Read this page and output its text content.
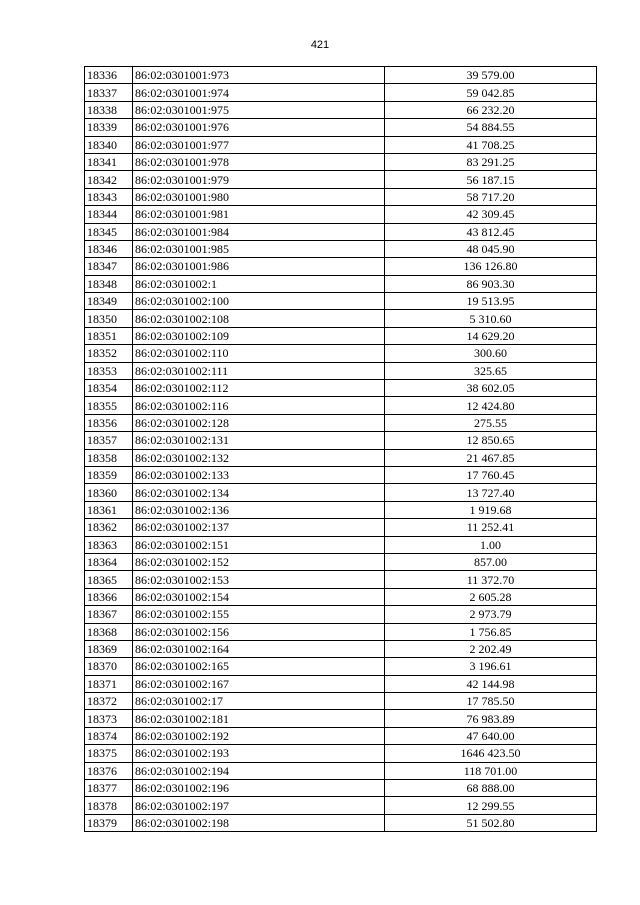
421
18336	86:02:0301001:973	39 579.00
18337	86:02:0301001:974	59 042.85
18338	86:02:0301001:975	66 232.20
18339	86:02:0301001:976	54 884.55
18340	86:02:0301001:977	41 708.25
18341	86:02:0301001:978	83 291.25
18342	86:02:0301001:979	56 187.15
18343	86:02:0301001:980	58 717.20
18344	86:02:0301001:981	42 309.45
18345	86:02:0301001:984	43 812.45
18346	86:02:0301001:985	48 045.90
18347	86:02:0301001:986	136 126.80
18348	86:02:0301002:1	86 903.30
18349	86:02:0301002:100	19 513.95
18350	86:02:0301002:108	5 310.60
18351	86:02:0301002:109	14 629.20
18352	86:02:0301002:110	300.60
18353	86:02:0301002:111	325.65
18354	86:02:0301002:112	38 602.05
18355	86:02:0301002:116	12 424.80
18356	86:02:0301002:128	275.55
18357	86:02:0301002:131	12 850.65
18358	86:02:0301002:132	21 467.85
18359	86:02:0301002:133	17 760.45
18360	86:02:0301002:134	13 727.40
18361	86:02:0301002:136	1 919.68
18362	86:02:0301002:137	11 252.41
18363	86:02:0301002:151	1.00
18364	86:02:0301002:152	857.00
18365	86:02:0301002:153	11 372.70
18366	86:02:0301002:154	2 605.28
18367	86:02:0301002:155	2 973.79
18368	86:02:0301002:156	1 756.85
18369	86:02:0301002:164	2 202.49
18370	86:02:0301002:165	3 196.61
18371	86:02:0301002:167	42 144.98
18372	86:02:0301002:17	17 785.50
18373	86:02:0301002:181	76 983.89
18374	86:02:0301002:192	47 640.00
18375	86:02:0301002:193	1646 423.50
18376	86:02:0301002:194	118 701.00
18377	86:02:0301002:196	68 888.00
18378	86:02:0301002:197	12 299.55
18379	86:02:0301002:198	51 502.80
